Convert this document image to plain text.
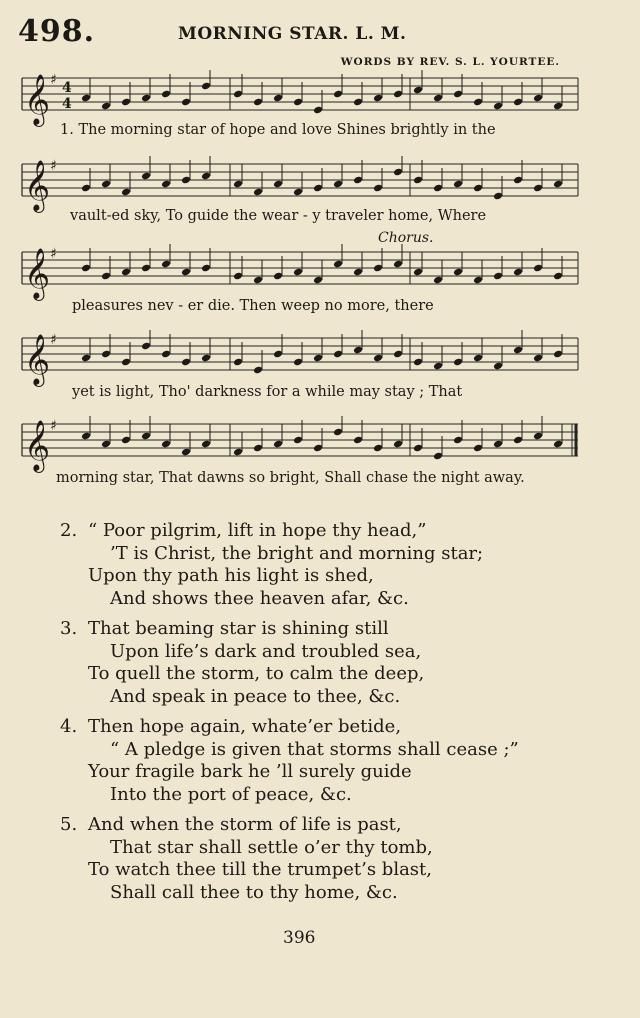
498.	MORNING STAR. L. M.
WORDS BY REV. S. L. YOURTEE.
𝄞 ♯ 4
4
1. The morning star of hope and love Shines brightly in the
𝄞 ♯
vault-ed sky, To guide the wear - y traveler home, Where
Chorus.
𝄞 ♯
pleasures nev - er die. Then weep no more, there
𝄞 ♯
yet is light, Tho' darkness for a while may stay ; That
𝄞 ♯
morning star, That dawns so bright, Shall chase the night away.
2. “ Poor pilgrim, lift in hope thy head,”
’T is Christ, the bright and morning star;
Upon thy path his light is shed,
And shows thee heaven afar, &c.
3. That beaming star is shining still
Upon life’s dark and troubled sea,
To quell the storm, to calm the deep,
And speak in peace to thee, &c.
4. Then hope again, whate’er betide,
“ A pledge is given that storms shall cease ;”
Your fragile bark he ’ll surely guide
Into the port of peace, &c.
5. And when the storm of life is past,
That star shall settle o’er thy tomb,
To watch thee till the trumpet’s blast,
Shall call thee to thy home, &c.
396
